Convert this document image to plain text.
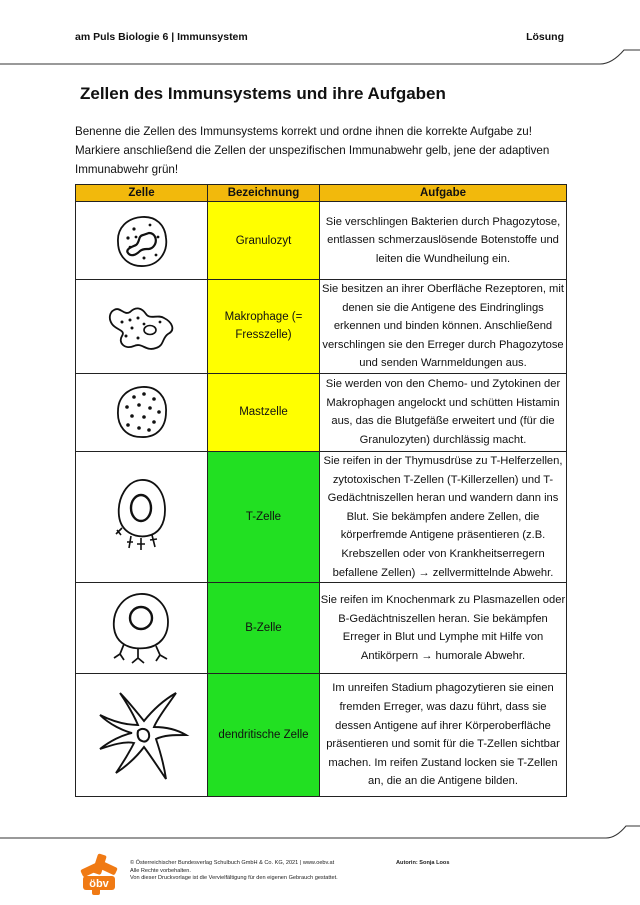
am Puls Biologie 6 | Immunsystem	Lösung
Zellen des Immunsystems und ihre Aufgaben
Benenne die Zellen des Immunsystems korrekt und ordne ihnen die korrekte Aufgabe zu! Markiere anschließend die Zellen der unspezifischen Immunabwehr gelb, jene der adaptiven Immunabwehr grün!
Zelle	Bezeichnung	Aufgabe

	Granulozyt	Sie verschlingen Bakterien durch Phagozytose, entlassen schmerzauslösende Botenstoffe und leiten die Wundheilung ein.

	Makrophage (= Fresszelle)	Sie besitzen an ihrer Oberfläche Rezeptoren, mit denen sie die Antigene des Eindringlings erkennen und binden können. Anschließend verschlingen sie den Erreger durch Phagozytose und senden Warnmeldungen aus.

	Mastzelle	Sie werden von den Chemo- und Zytokinen der Makrophagen angelockt und schütten Histamin aus, das die Blutgefäße erweitert und (für die Granulozyten) durchlässig macht.

	T-Zelle	Sie reifen in der Thymusdrüse zu T-Helferzellen, zytotoxischen T-Zellen (T-Killerzellen) und T-Gedächtniszellen heran und wandern dann ins Blut. Sie bekämpfen andere Zellen, die körperfremde Antigene präsentieren (z.B. Krebszellen oder von Krankheitserregern befallene Zellen) → zellvermittelnde Abwehr.

	B-Zelle	Sie reifen im Knochenmark zu Plasmazellen oder B-Gedächtniszellen heran. Sie bekämpfen Erreger in Blut und Lymphe mit Hilfe von Antikörpern → humorale Abwehr.

	dendritische Zelle	Im unreifen Stadium phagozytieren sie einen fremden Erreger, was dazu führt, dass sie dessen Antigene auf ihrer Körperoberfläche präsentieren und somit für die T-Zellen sichtbar machen. Im reifen Zustand locken sie T-Zellen an, die an die Antigene bilden.
öbv
© Österreichischer Bundesverlag Schulbuch GmbH & Co. KG, 2021 | www.oebv.at
Alle Rechte vorbehalten.
Von dieser Druckvorlage ist die Vervielfältigung für den eigenen Gebrauch gestattet.
Autorin: Sonja Loos
